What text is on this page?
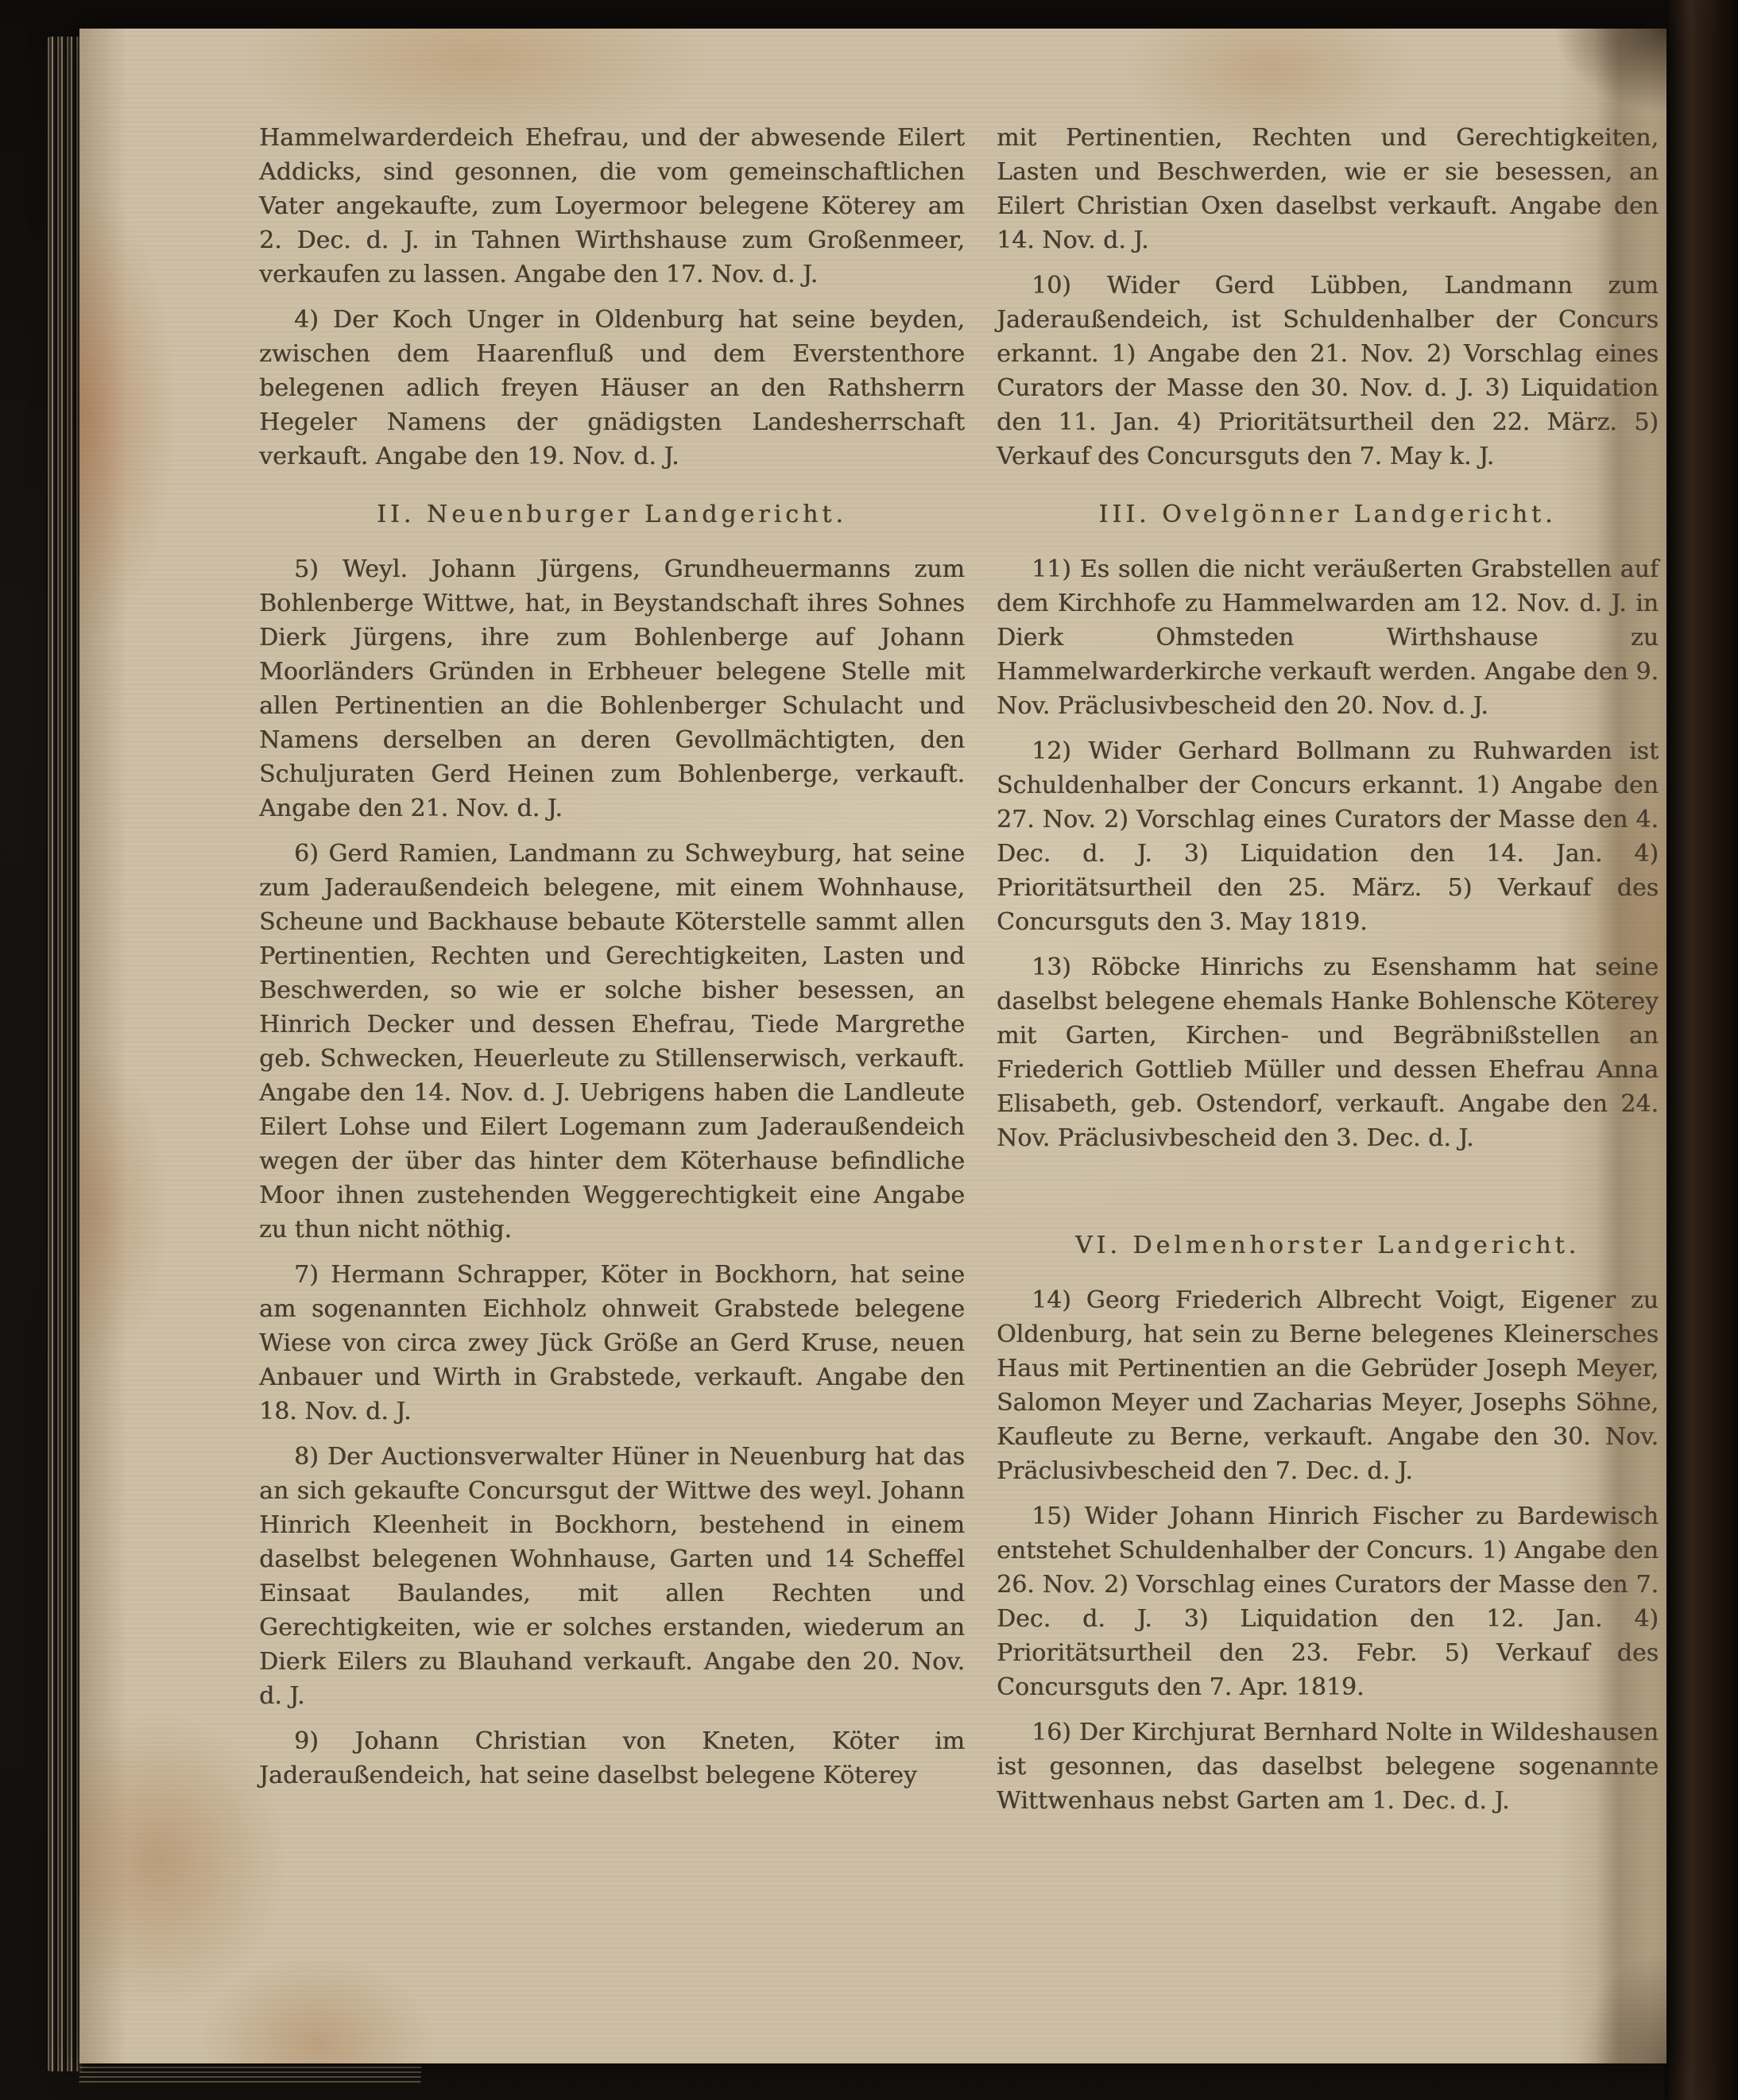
Hammelwarderdeich Ehefrau, und der abwesende Eilert Addicks, sind gesonnen, die vom gemeinschaftlichen Vater angekaufte, zum Loyermoor belegene Köterey am 2. Dec. d. J. in Tahnen Wirthshause zum Großenmeer, verkaufen zu lassen. Angabe den 17. Nov. d. J.

4) Der Koch Unger in Oldenburg hat seine beyden, zwischen dem Haarenfluß und dem Everstenthore belegenen adlich freyen Häuser an den Rathsherrn Hegeler Namens der gnädigsten Landesherrschaft verkauft. Angabe den 19. Nov. d. J.

II. Neuenburger Landgericht.

5) Weyl. Johann Jürgens, Grundheuermanns zum Bohlenberge Wittwe, hat, in Beystandschaft ihres Sohnes Dierk Jürgens, ihre zum Bohlenberge auf Johann Moorländers Gründen in Erbheuer belegene Stelle mit allen Pertinentien an die Bohlenberger Schulacht und Namens derselben an deren Gevollmächtigten, den Schuljuraten Gerd Heinen zum Bohlenberge, verkauft. Angabe den 21. Nov. d. J.

6) Gerd Ramien, Landmann zu Schweyburg, hat seine zum Jaderaußendeich belegene, mit einem Wohnhause, Scheune und Backhause bebaute Köterstelle sammt allen Pertinentien, Rechten und Gerechtigkeiten, Lasten und Beschwerden, so wie er solche bisher besessen, an Hinrich Decker und dessen Ehefrau, Tiede Margrethe geb. Schwecken, Heuerleute zu Stillenserwisch, verkauft. Angabe den 14. Nov. d. J. Uebrigens haben die Landleute Eilert Lohse und Eilert Logemann zum Jaderaußendeich wegen der über das hinter dem Köterhause befindliche Moor ihnen zustehenden Weggerechtigkeit eine Angabe zu thun nicht nöthig.

7) Hermann Schrapper, Köter in Bockhorn, hat seine am sogenannten Eichholz ohnweit Grabstede belegene Wiese von circa zwey Jück Größe an Gerd Kruse, neuen Anbauer und Wirth in Grabstede, verkauft. Angabe den 18. Nov. d. J.

8) Der Auctionsverwalter Hüner in Neuenburg hat das an sich gekaufte Concursgut der Wittwe des weyl. Johann Hinrich Kleenheit in Bockhorn, bestehend in einem daselbst belegenen Wohnhause, Garten und 14 Scheffel Einsaat Baulandes, mit allen Rechten und Gerechtigkeiten, wie er solches erstanden, wiederum an Dierk Eilers zu Blauhand verkauft. Angabe den 20. Nov. d. J.

9) Johann Christian von Kneten, Köter im Jaderaußendeich, hat seine daselbst belegene Köterey

mit Pertinentien, Rechten und Gerechtigkeiten, Lasten und Beschwerden, wie er sie besessen, an Eilert Christian Oxen daselbst verkauft. Angabe den 14. Nov. d. J.

10) Wider Gerd Lübben, Landmann zum Jaderaußendeich, ist Schuldenhalber der Concurs erkannt. 1) Angabe den 21. Nov. 2) Vorschlag eines Curators der Masse den 30. Nov. d. J. 3) Liquidation den 11. Jan. 4) Prioritätsurtheil den 22. März. 5) Verkauf des Concursguts den 7. May k. J.

III. Ovelgönner Landgericht.

11) Es sollen die nicht veräußerten Grabstellen auf dem Kirchhofe zu Hammelwarden am 12. Nov. d. J. in Dierk Ohmsteden Wirthshause zu Hammelwarderkirche verkauft werden. Angabe den 9. Nov. Präclusivbescheid den 20. Nov. d. J.

12) Wider Gerhard Bollmann zu Ruhwarden ist Schuldenhalber der Concurs erkannt. 1) Angabe den 27. Nov. 2) Vorschlag eines Curators der Masse den 4. Dec. d. J. 3) Liquidation den 14. Jan. 4) Prioritätsurtheil den 25. März. 5) Verkauf des Concursguts den 3. May 1819.

13) Röbcke Hinrichs zu Esenshamm hat seine daselbst belegene ehemals Hanke Bohlensche Köterey mit Garten, Kirchen- und Begräbnißstellen an Friederich Gottlieb Müller und dessen Ehefrau Anna Elisabeth, geb. Ostendorf, verkauft. Angabe den 24. Nov. Präclusivbescheid den 3. Dec. d. J.

VI. Delmenhorster Landgericht.

14) Georg Friederich Albrecht Voigt, Eigener zu Oldenburg, hat sein zu Berne belegenes Kleinersches Haus mit Pertinentien an die Gebrüder Joseph Meyer, Salomon Meyer und Zacharias Meyer, Josephs Söhne, Kaufleute zu Berne, verkauft. Angabe den 30. Nov. Präclusivbescheid den 7. Dec. d. J.

15) Wider Johann Hinrich Fischer zu Bardewisch entstehet Schuldenhalber der Concurs. 1) Angabe den 26. Nov. 2) Vorschlag eines Curators der Masse den 7. Dec. d. J. 3) Liquidation den 12. Jan. 4) Prioritätsurtheil den 23. Febr. 5) Verkauf des Concursguts den 7. Apr. 1819.

16) Der Kirchjurat Bernhard Nolte in Wildeshausen ist gesonnen, das daselbst belegene sogenannte Wittwenhaus nebst Garten am 1. Dec. d. J.
